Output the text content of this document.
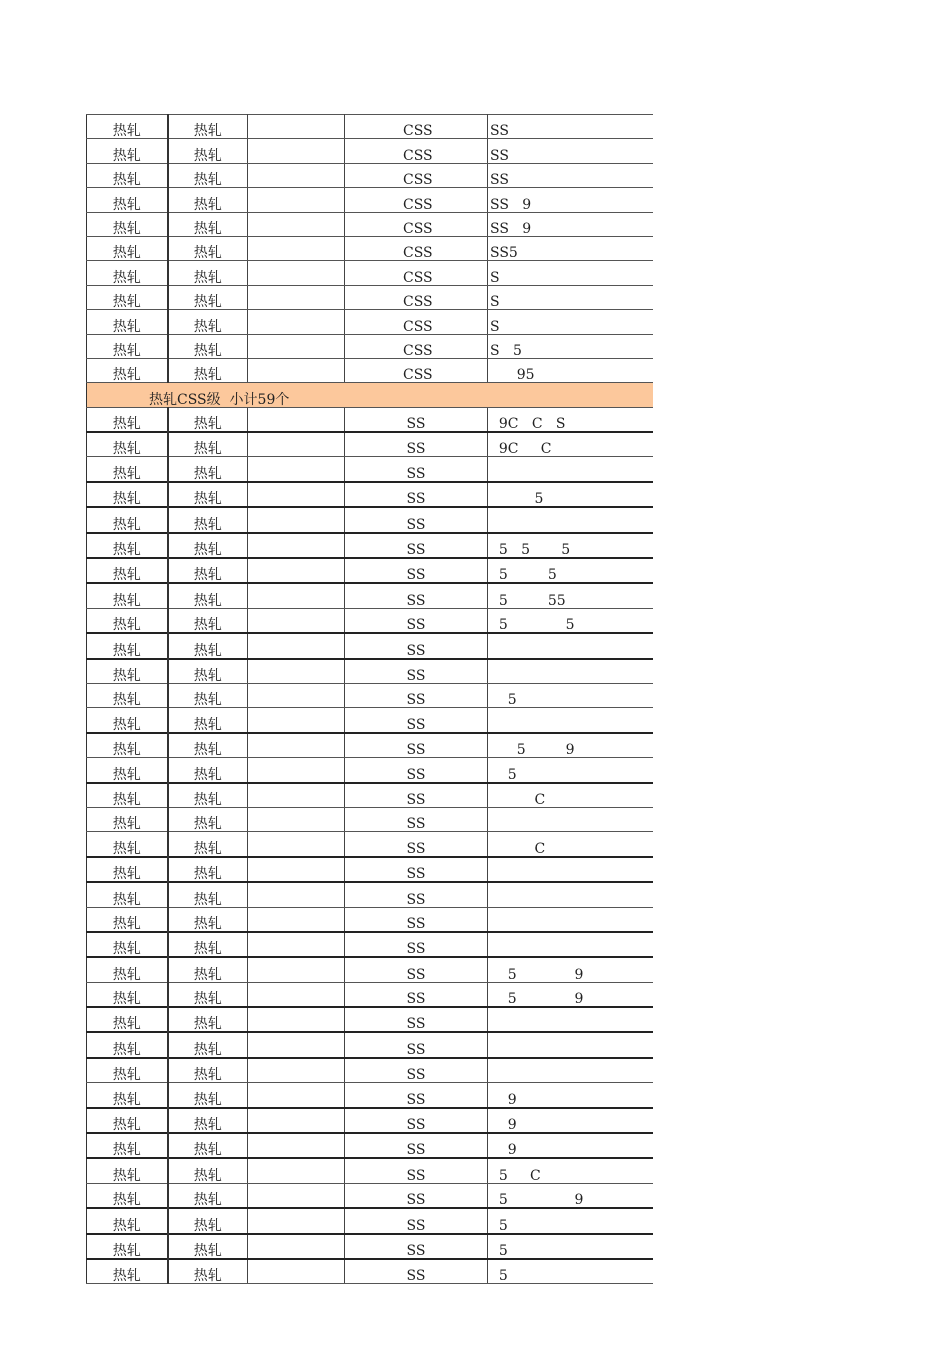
热轧	热轧		CSS	SS
热轧	热轧		CSS	SS
热轧	热轧		CSS	SS
热轧	热轧		CSS	SS   9
热轧	热轧		CSS	SS   9
热轧	热轧		CSS	SS5
热轧	热轧		CSS	S
热轧	热轧		CSS	S
热轧	热轧		CSS	S
热轧	热轧		CSS	S   5
热轧	热轧		CSS	95
热轧CSS级  小计59个				
热轧	热轧		SS	9C   C   S
热轧	热轧		SS	9C     C
热轧	热轧		SS	
热轧	热轧		SS	5
热轧	热轧		SS	
热轧	热轧		SS	5   5       5
热轧	热轧		SS	5         5
热轧	热轧		SS	5         55
热轧	热轧		SS	5             5
热轧	热轧		SS	
热轧	热轧		SS	
热轧	热轧		SS	5
热轧	热轧		SS	
热轧	热轧		SS	5         9
热轧	热轧		SS	5
热轧	热轧		SS	C
热轧	热轧		SS	
热轧	热轧		SS	C
热轧	热轧		SS	
热轧	热轧		SS	
热轧	热轧		SS	
热轧	热轧		SS	
热轧	热轧		SS	5             9
热轧	热轧		SS	5             9
热轧	热轧		SS	
热轧	热轧		SS	
热轧	热轧		SS	
热轧	热轧		SS	9
热轧	热轧		SS	9
热轧	热轧		SS	9
热轧	热轧		SS	5     C
热轧	热轧		SS	5               9
热轧	热轧		SS	5
热轧	热轧		SS	5
热轧	热轧		SS	5
